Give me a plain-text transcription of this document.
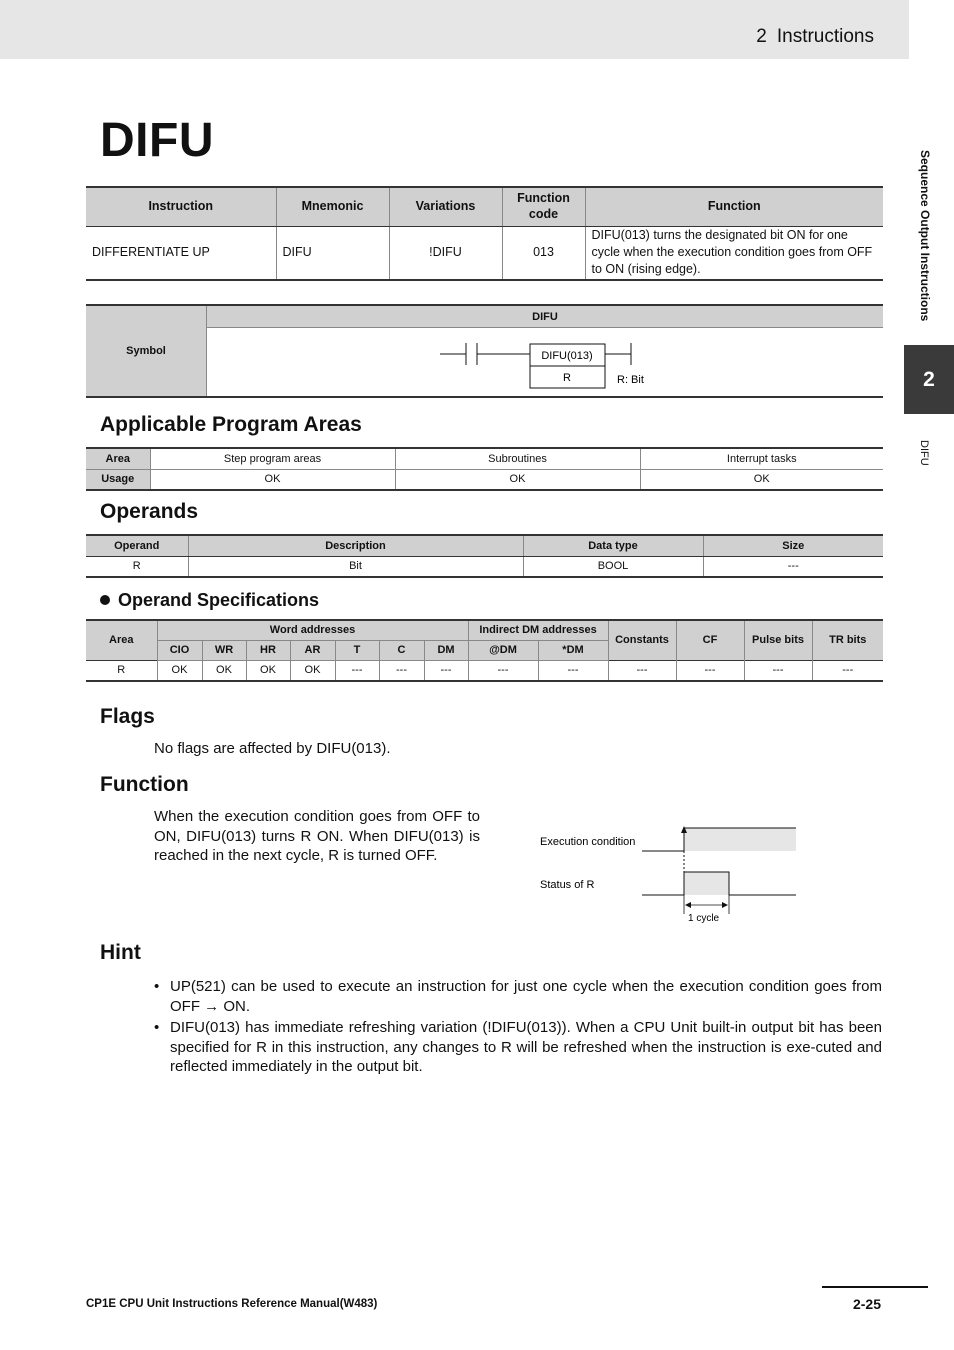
2 Instructions
Sequence Output Instructions
2
DIFU
DIFU
Instruction	Mnemonic	Variations	Function code	Function
DIFFERENTIATE UP	DIFU	!DIFU	013	DIFU(013) turns the designated bit ON for one cycle when the execution condition goes from OFF to ON (rising edge).
Symbol
DIFU
DIFU(013)
R	R: Bit
Applicable Program Areas
Area	Step program areas	Subroutines	Interrupt tasks
Usage	OK	OK	OK
Operands
Operand	Description	Data type	Size
R	Bit	BOOL	---
Operand Specifications
Area	Word addresses							Indirect DM addresses		Constants	CF	Pulse bits	TR bits
	CIO	WR	HR	AR	T	C	DM	@DM	*DM				
R	OK	OK	OK	OK	---	---	---	---	---	---	---	---	---
Flags
No flags are affected by DIFU(013).
Function
When the execution condition goes from OFF to ON, DIFU(013) turns R ON. When DIFU(013) is reached in the next cycle, R is turned OFF.
Execution condition
Status of R
1 cycle
Hint
• UP(521) can be used to execute an instruction for just one cycle when the execution condition goes from OFF → ON.
• DIFU(013) has immediate refreshing variation (!DIFU(013)). When a CPU Unit built-in output bit has been specified for R in this instruction, any changes to R will be refreshed when the instruction is exe-cuted and reflected immediately in the output bit.
CP1E CPU Unit Instructions Reference Manual(W483)	2-25
